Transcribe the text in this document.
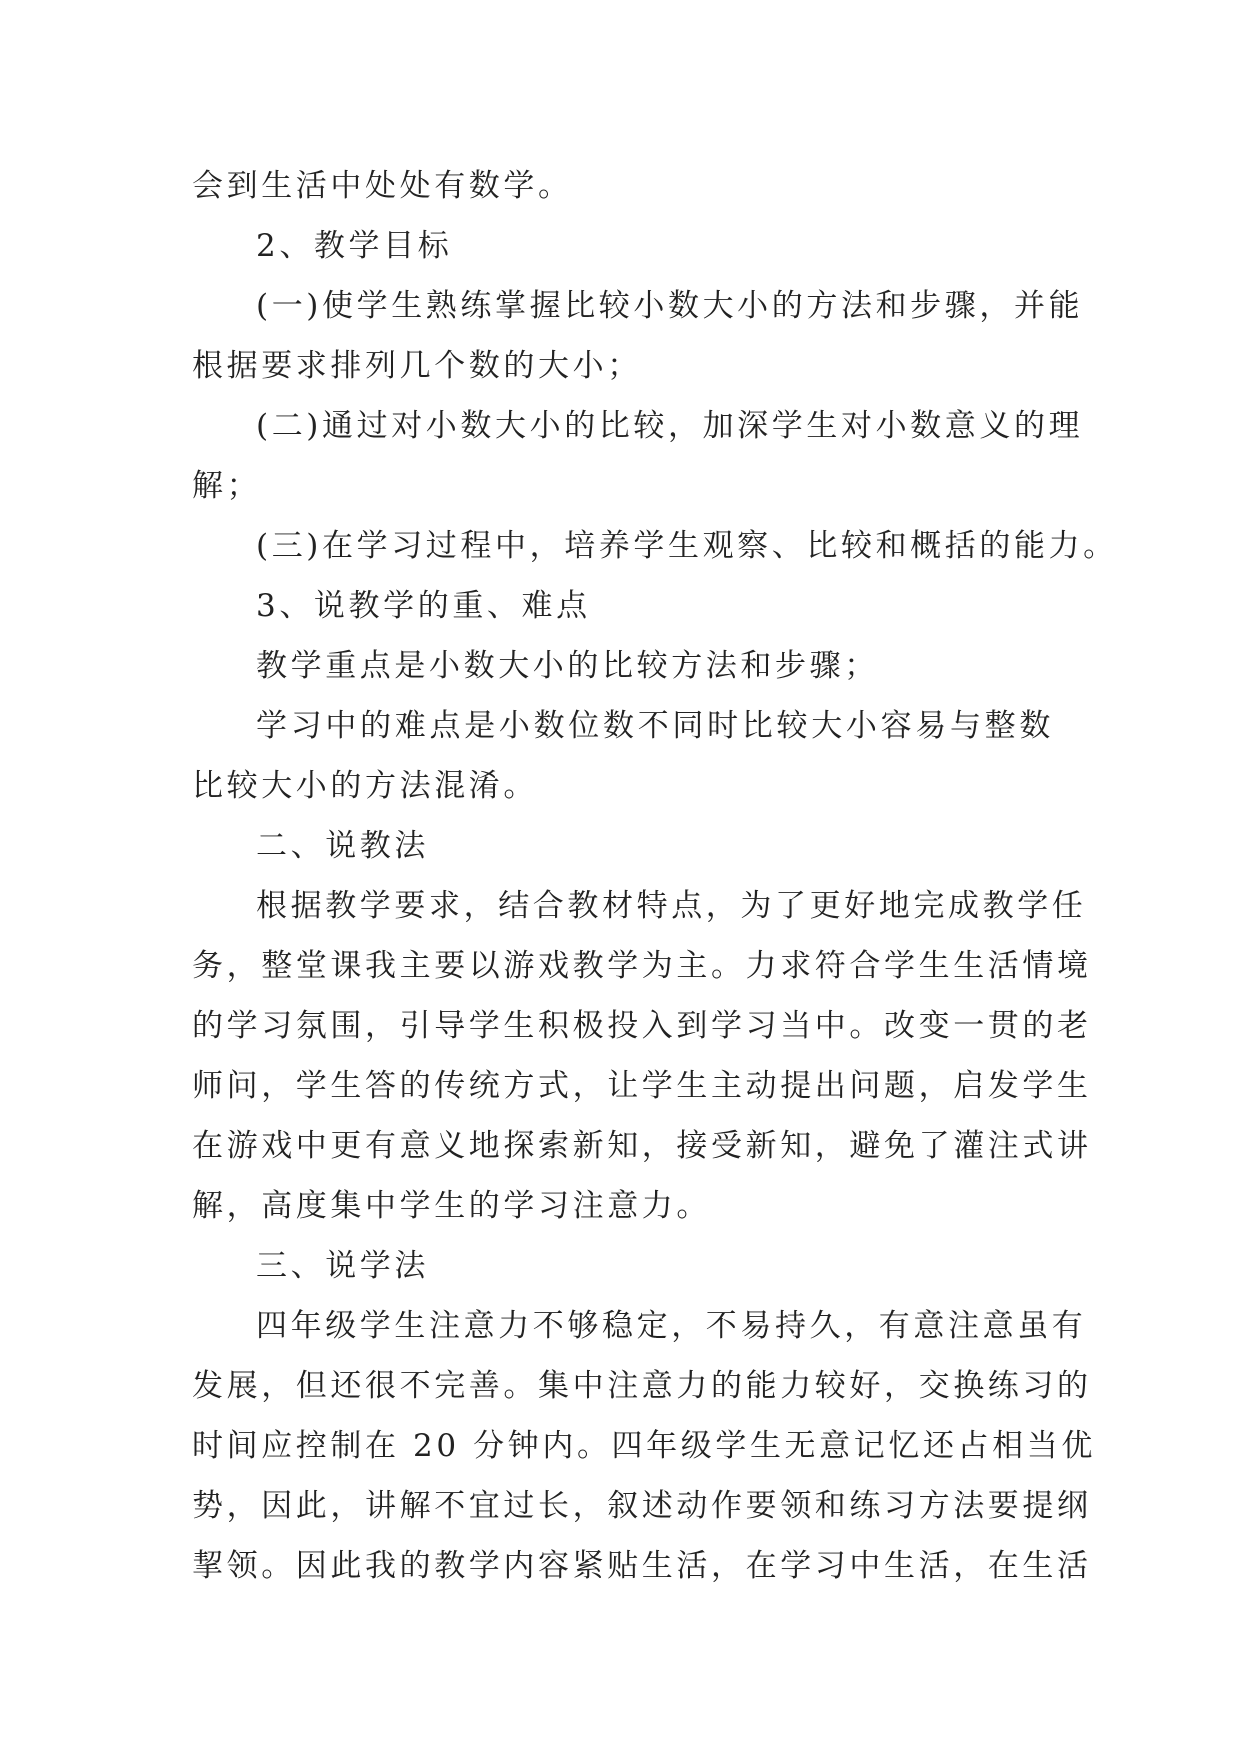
会到生活中处处有数学。
2、教学目标
(一)使学生熟练掌握比较小数大小的方法和步骤，并能
根据要求排列几个数的大小；
(二)通过对小数大小的比较，加深学生对小数意义的理
解；
(三)在学习过程中，培养学生观察、比较和概括的能力。
3、说教学的重、难点
教学重点是小数大小的比较方法和步骤；
学习中的难点是小数位数不同时比较大小容易与整数
比较大小的方法混淆。
二、说教法
根据教学要求，结合教材特点，为了更好地完成教学任
务，整堂课我主要以游戏教学为主。力求符合学生生活情境
的学习氛围，引导学生积极投入到学习当中。改变一贯的老
师问，学生答的传统方式，让学生主动提出问题，启发学生
在游戏中更有意义地探索新知，接受新知，避免了灌注式讲
解，高度集中学生的学习注意力。
三、说学法
四年级学生注意力不够稳定，不易持久，有意注意虽有
发展，但还很不完善。集中注意力的能力较好，交换练习的
时间应控制在 20 分钟内。四年级学生无意记忆还占相当优
势，因此，讲解不宜过长，叙述动作要领和练习方法要提纲
挈领。因此我的教学内容紧贴生活，在学习中生活，在生活
